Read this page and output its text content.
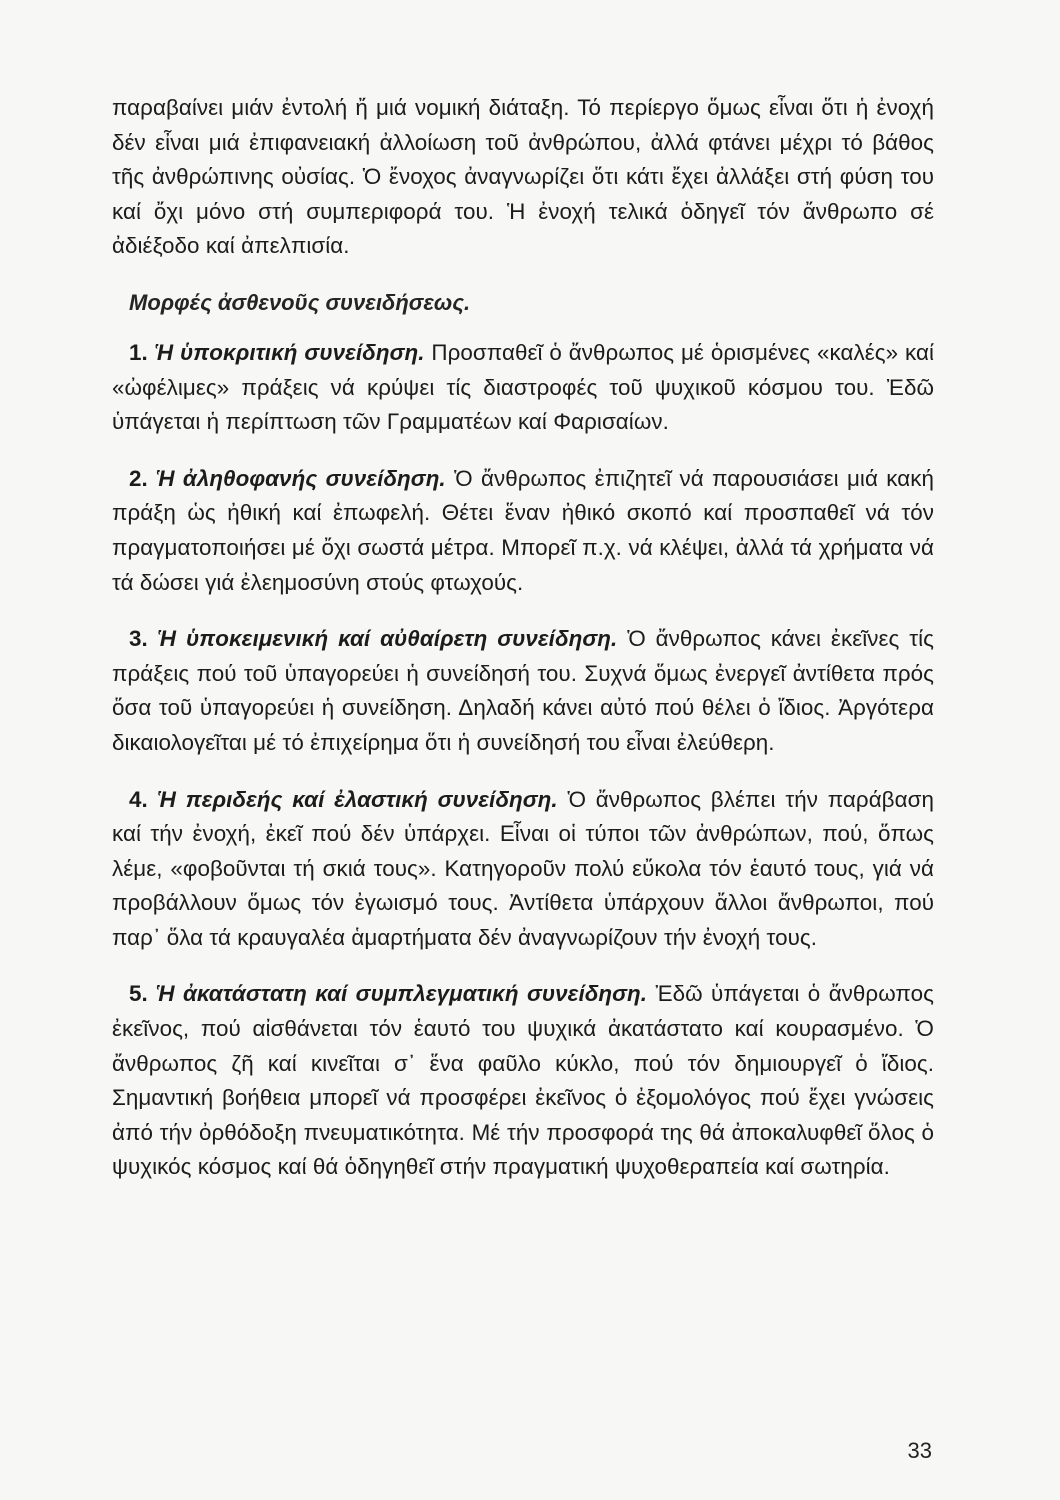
παραβαίνει μιάν ἐντολή ἤ μιά νομική διάταξη. Τό περίεργο ὅμως εἶναι ὅτι ἡ ἐνοχή δέν εἶναι μιά ἐπιφανειακή ἀλλοίωση τοῦ ἀνθρώπου, ἀλλά φτάνει μέχρι τό βάθος τῆς ἀνθρώπινης οὐσίας. Ὁ ἔνοχος ἀναγνωρίζει ὅτι κάτι ἔχει ἀλλάξει στή φύση του καί ὄχι μόνο στή συμπεριφορά του. Ἡ ἐνοχή τελικά ὁδηγεῖ τόν ἄνθρωπο σέ ἀδιέξοδο καί ἀπελπισία.

Μορφές ἀσθενοῦς συνειδήσεως.

1. Ἡ ὑποκριτική συνείδηση. Προσπαθεῖ ὁ ἄνθρωπος μέ ὁρισμένες «καλές» καί «ὠφέλιμες» πράξεις νά κρύψει τίς διαστροφές τοῦ ψυχικοῦ κόσμου του. Ἐδῶ ὑπάγεται ἡ περίπτωση τῶν Γραμματέων καί Φαρισαίων.

2. Ἡ ἀληθοφανής συνείδηση. Ὁ ἄνθρωπος ἐπιζητεῖ νά παρουσιάσει μιά κακή πράξη ὡς ἠθική καί ἐπωφελή. Θέτει ἕναν ἠθικό σκοπό καί προσπαθεῖ νά τόν πραγματοποιήσει μέ ὄχι σωστά μέτρα. Μπορεῖ π.χ. νά κλέψει, ἀλλά τά χρήματα νά τά δώσει γιά ἐλεημοσύνη στούς φτωχούς.

3. Ἡ ὑποκειμενική καί αὐθαίρετη συνείδηση. Ὁ ἄνθρωπος κάνει ἐκεῖνες τίς πράξεις πού τοῦ ὑπαγορεύει ἡ συνείδησή του. Συχνά ὅμως ἐνεργεῖ ἀντίθετα πρός ὅσα τοῦ ὑπαγορεύει ἡ συνείδηση. Δηλαδή κάνει αὐτό πού θέλει ὁ ἴδιος. Ἀργότερα δικαιολογεῖται μέ τό ἐπιχείρημα ὅτι ἡ συνείδησή του εἶναι ἐλεύθερη.

4. Ἡ περιδεής καί ἐλαστική συνείδηση. Ὁ ἄνθρωπος βλέπει τήν παράβαση καί τήν ἐνοχή, ἐκεῖ πού δέν ὑπάρχει. Εἶναι οἱ τύποι τῶν ἀνθρώπων, πού, ὅπως λέμε, «φοβοῦνται τή σκιά τους». Κατηγοροῦν πολύ εὔκολα τόν ἑαυτό τους, γιά νά προβάλλουν ὅμως τόν ἐγωισμό τους. Ἀντίθετα ὑπάρχουν ἄλλοι ἄνθρωποι, πού παρ᾿ ὅλα τά κραυγαλέα ἁμαρτήματα δέν ἀναγνωρίζουν τήν ἐνοχή τους.

5. Ἡ ἀκατάστατη καί συμπλεγματική συνείδηση. Ἐδῶ ὑπάγεται ὁ ἄνθρωπος ἐκεῖνος, πού αἰσθάνεται τόν ἑαυτό του ψυχικά ἀκατάστατο καί κουρασμένο. Ὁ ἄνθρωπος ζῆ καί κινεῖται σ᾿ ἕνα φαῦλο κύκλο, πού τόν δημιουργεῖ ὁ ἴδιος. Σημαντική βοήθεια μπορεῖ νά προσφέρει ἐκεῖνος ὁ ἐξομολόγος πού ἔχει γνώσεις ἀπό τήν ὀρθόδοξη πνευματικότητα. Μέ τήν προσφορά της θά ἀποκαλυφθεῖ ὅλος ὁ ψυχικός κόσμος καί θά ὁδηγηθεῖ στήν πραγματική ψυχοθεραπεία καί σωτηρία.

33
